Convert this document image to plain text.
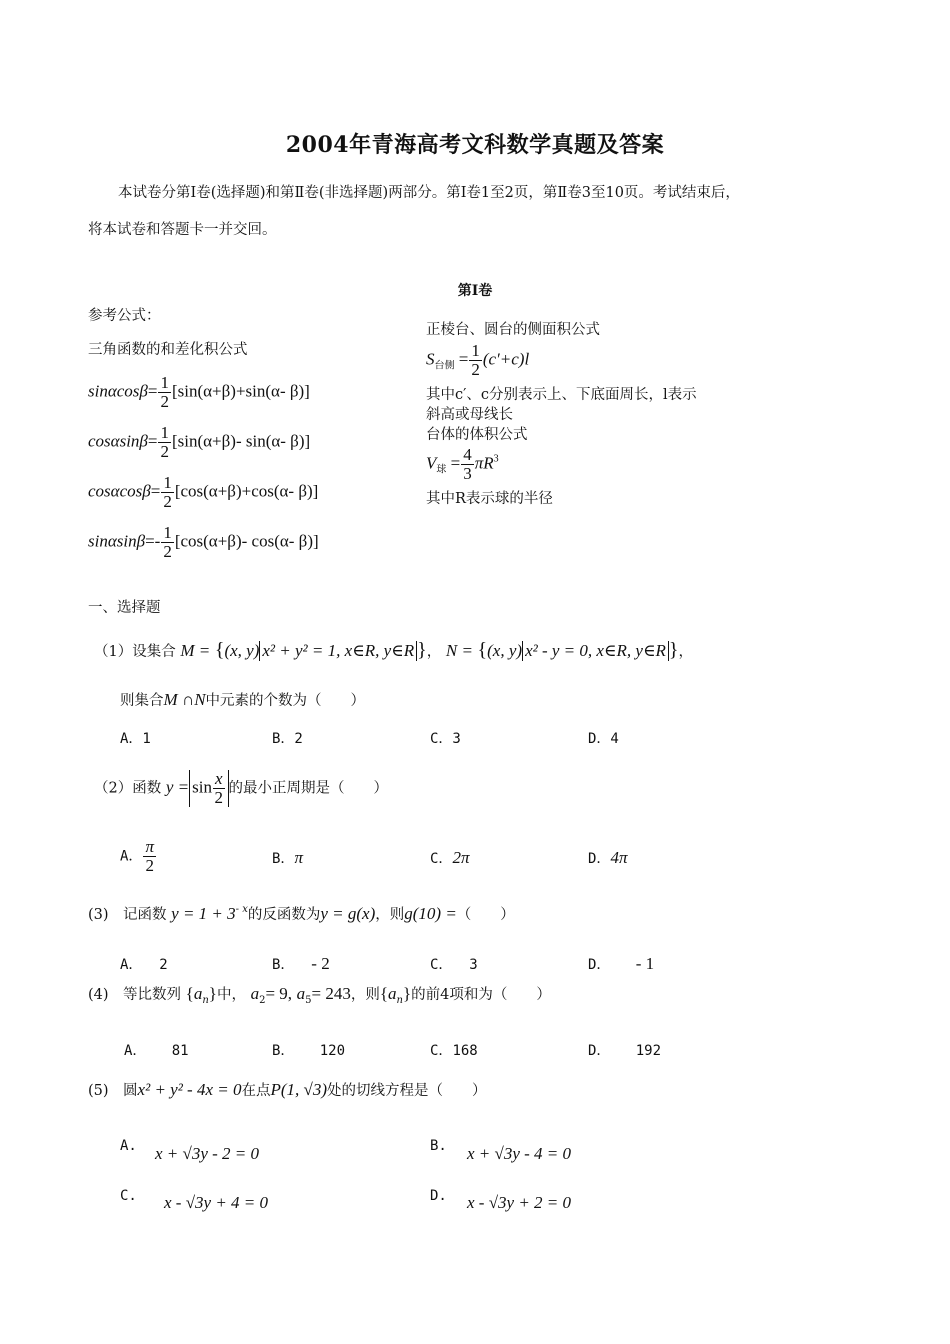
2004年青海高考文科数学真题及答案
本试卷分第Ⅰ卷(选择题)和第Ⅱ卷(非选择题)两部分。第Ⅰ卷1至2页，第Ⅱ卷3至10页。考试结束后，
将本试卷和答题卡一并交回。
第Ⅰ卷
参考公式：
三角函数的和差化积公式
$\sin\alpha\cos\beta= \frac{1}{2} [\sin(\alpha+\beta)+\sin(\alpha-$ β)]
$\cos\alpha\sin\beta= \frac{1}{2} [\sin(\alpha+\beta)-$ sin(α- β)]
$\cos\alpha\cos\beta= \frac{1}{2} [\cos(\alpha+\beta)+\cos(\alpha-$ β)]
$\sin\alpha\sin\beta=- \frac{1}{2} [\cos(\alpha+\beta)-$ cos(α- β)]
正棱台、圆台的侧面积公式
$S_{台侧} = \frac{1}{2} (c'+c)l$
其中c′、c分别表示上、下底面周长，l表示
斜高或母线长
台体的体积公式
$V_球 = \frac{4}{3} \pi R^3$
其中R表示球的半径
一、选择题
（1）设集合 M = {(x, y) x² + y² = 1, x∈R, y∈R }， N = {(x, y) x² - y = 0, x∈R, y∈R }，
则集合M ∩N中元素的个数为（　　）
A．1	B．2	C．3	D．4
（2）函数 $y = \sin \frac{x}{2}$ 的最小正周期是（　　）
A． $\frac{\pi}{2}$	B．π	C．2π	D．4π
(3)　记函数 $y = 1 + 3^{- x}$的反函数为y = g(x)，则g(10) =（　　）
A． 2	B． - 2	C． 3	D． - 1
(4)　等比数列 $\{a_n\}$中， $a_2= 9$, $a_5= 243$，则$\{a_n\}$的前4项和为（　　）
A． 81	B． 120	C．168	D． 192
(5)　圆x² + y² - 4x = 0在点P(1, √3)处的切线方程是（　　）
A. x + √3y - 2 = 0	B. x + √3y - 4 = 0
C. x - √3y + 4 = 0	D. x - √3y + 2 = 0
